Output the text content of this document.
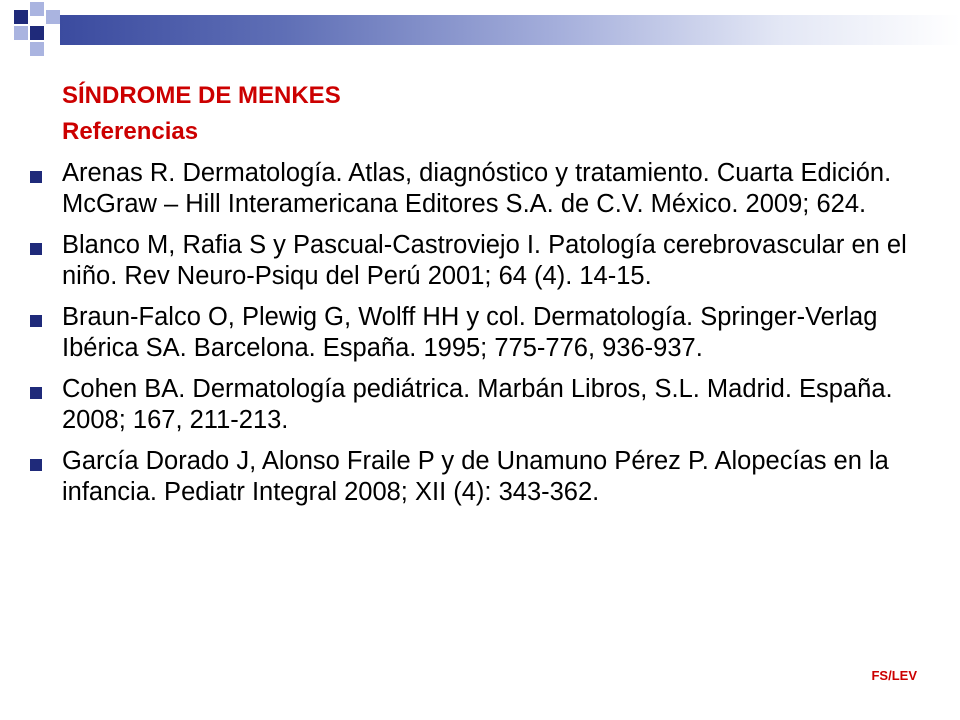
SÍNDROME DE MENKES
Referencias
Arenas R. Dermatología. Atlas, diagnóstico y tratamiento. Cuarta Edición. McGraw – Hill Interamericana Editores S.A. de C.V. México. 2009; 624.
Blanco M, Rafia S y Pascual-Castroviejo I. Patología cerebrovascular en el niño. Rev Neuro-Psiqu del Perú 2001; 64 (4). 14-15.
Braun-Falco O, Plewig G, Wolff HH y col. Dermatología. Springer-Verlag Ibérica SA. Barcelona. España. 1995; 775-776, 936-937.
Cohen BA. Dermatología pediátrica. Marbán Libros, S.L. Madrid. España. 2008; 167, 211-213.
García Dorado J, Alonso Fraile P y de Unamuno Pérez P. Alopecías en la infancia. Pediatr Integral 2008; XII (4): 343-362.
FS/LEV
